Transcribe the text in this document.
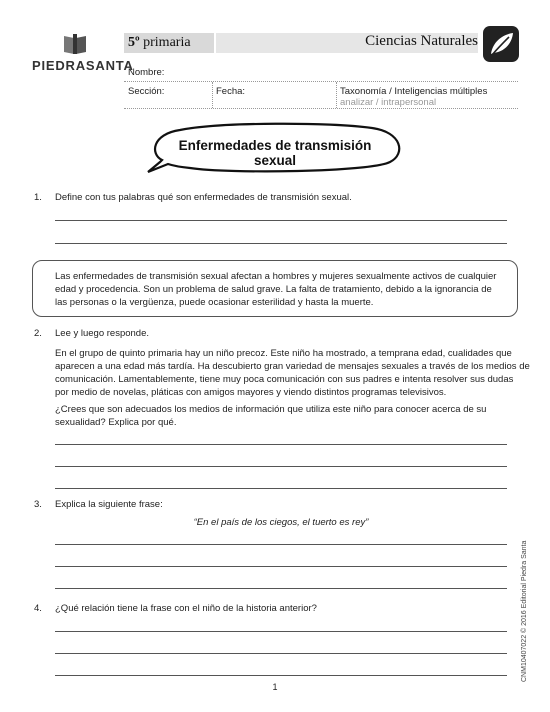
PIEDRASANTA
5º primaria	Ciencias Naturales
Nombre:
Sección:	Fecha:	Taxonomía / Inteligencias múltiples
analizar / intrapersonal
Enfermedades de transmisión sexual
1. Define con tus palabras qué son enfermedades de transmisión sexual.
Las enfermedades de transmisión sexual afectan a hombres y mujeres sexualmente activos de cualquier
edad y procedencia. Son un problema de salud grave. La falta de tratamiento, debido a la ignorancia de
las personas o la vergüenza, puede ocasionar esterilidad y hasta la muerte.
2. Lee y luego responde.
En el grupo de quinto primaria hay un niño precoz. Este niño ha mostrado, a temprana edad, cualidades que
aparecen a una edad más tardía. Ha descubierto gran variedad de mensajes sexuales a través de los medios de
comunicación. Lamentablemente, tiene muy poca comunicación con sus padres e intenta resolver sus dudas
por medio de novelas, pláticas con amigos mayores y viendo distintos programas televisivos.
¿Crees que son adecuados los medios de información que utiliza este niño para conocer acerca de su
sexualidad? Explica por qué.
3. Explica la siguiente frase:
“En el país de los ciegos, el tuerto es rey”
4. ¿Qué relación tiene la frase con el niño de la historia anterior?	CNM10407022 © 2016 Editorial Piedra Santa
1
